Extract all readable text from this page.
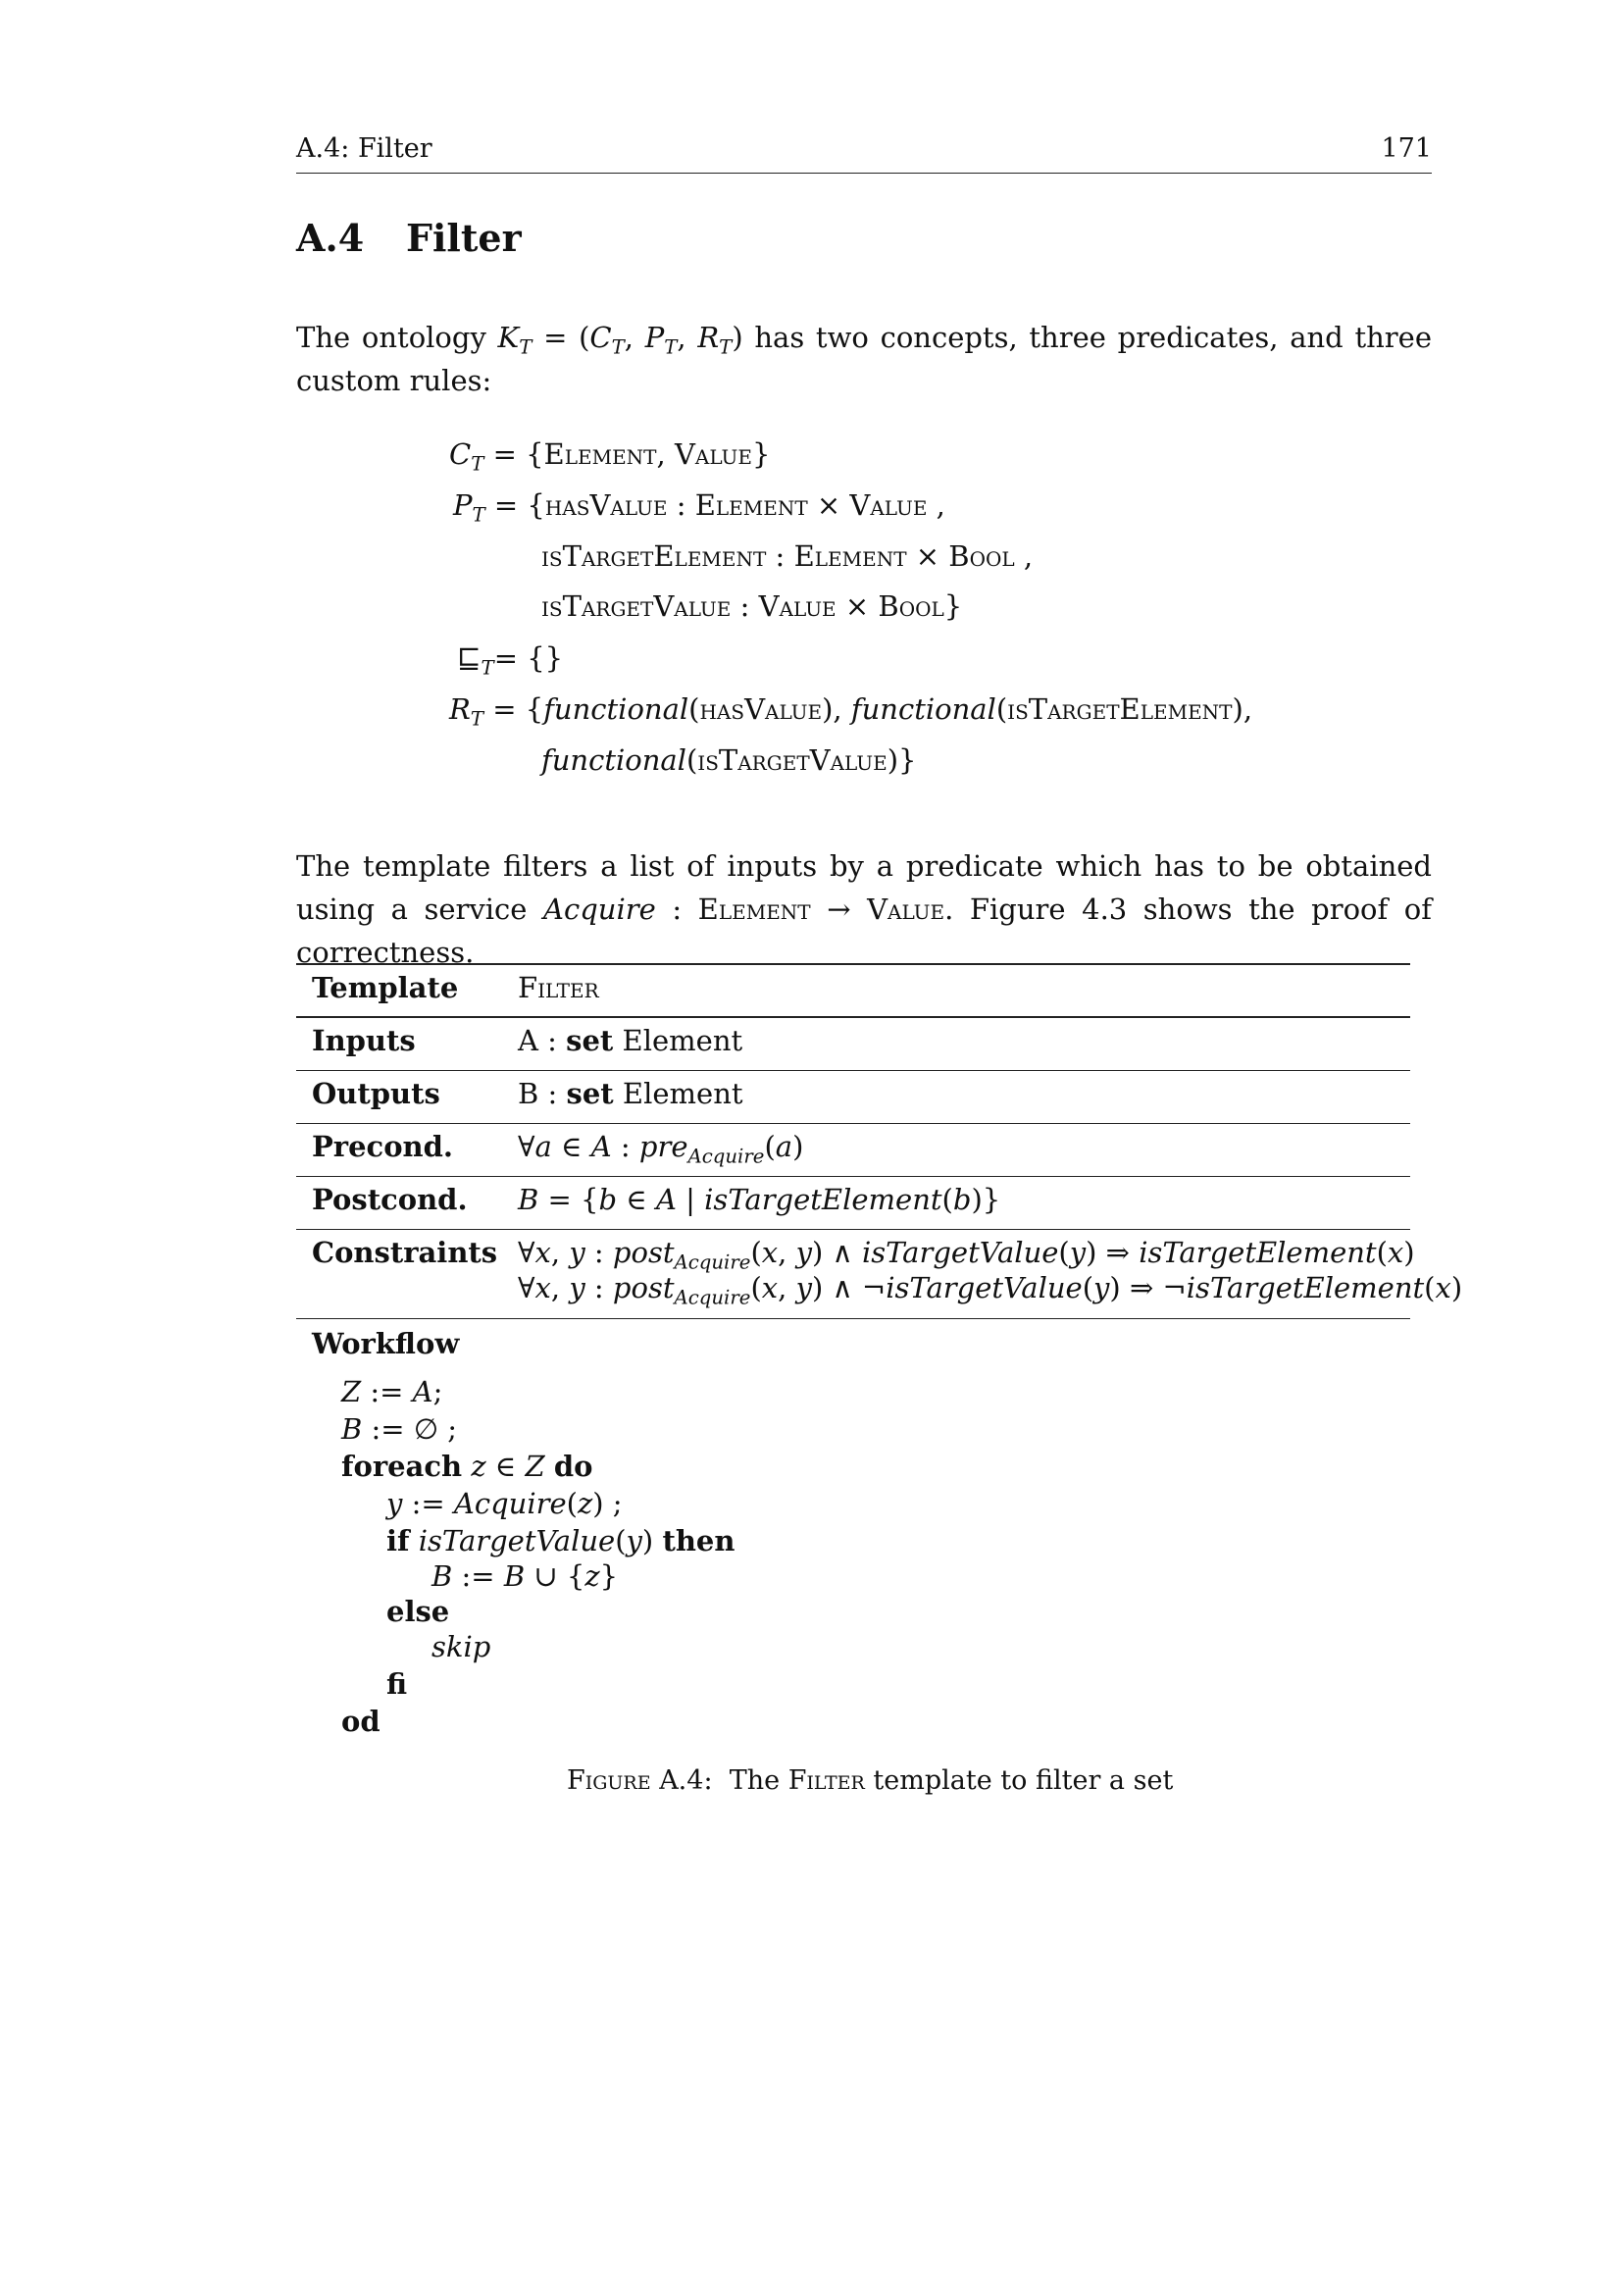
A.4: Filter	171
A.4 Filter
The ontology $K_T = (C_T$, $P_T$, $R_T$) has two concepts, three predicates, and three custom rules:
$C_T$ = {Element, Value}
$P_T$ = {hasValue : Element × Value ,
isTargetElement : Element × Bool ,
isTargetValue : Value × Bool}
$⊑_T=$ {}
$R_T$ = {functional(hasValue), functional(isTargetElement),
functional(isTargetValue)}
The template filters a list of inputs by a predicate which has to be obtained using a service Acquire : Element → Value. Figure 4.3 shows the proof of correctness.
Template Filter
Inputs	A : set Element
Outputs	B : set Element
Precond. ∀a ∈ A : pre$_{Acquire}$(a)
Postcond. B = {b ∈ A | isTargetElement(b)}
Constraints ∀x, y : post$_{Acquire}$(x, y) ∧ isTargetValue(y) ⇒ isTargetElement(x)
∀x, y : post$_{Acquire}$(x, y) ∧ ¬isTargetValue(y) ⇒ ¬isTargetElement(x)
Workflow
Z := A;
B := ∅ ;
foreach z ∈ Z do
y := Acquire(z) ;
if isTargetValue(y) then
B := B ∪ {z}
else
skip
fi
od
Figure A.4: The Filter template to filter a set
